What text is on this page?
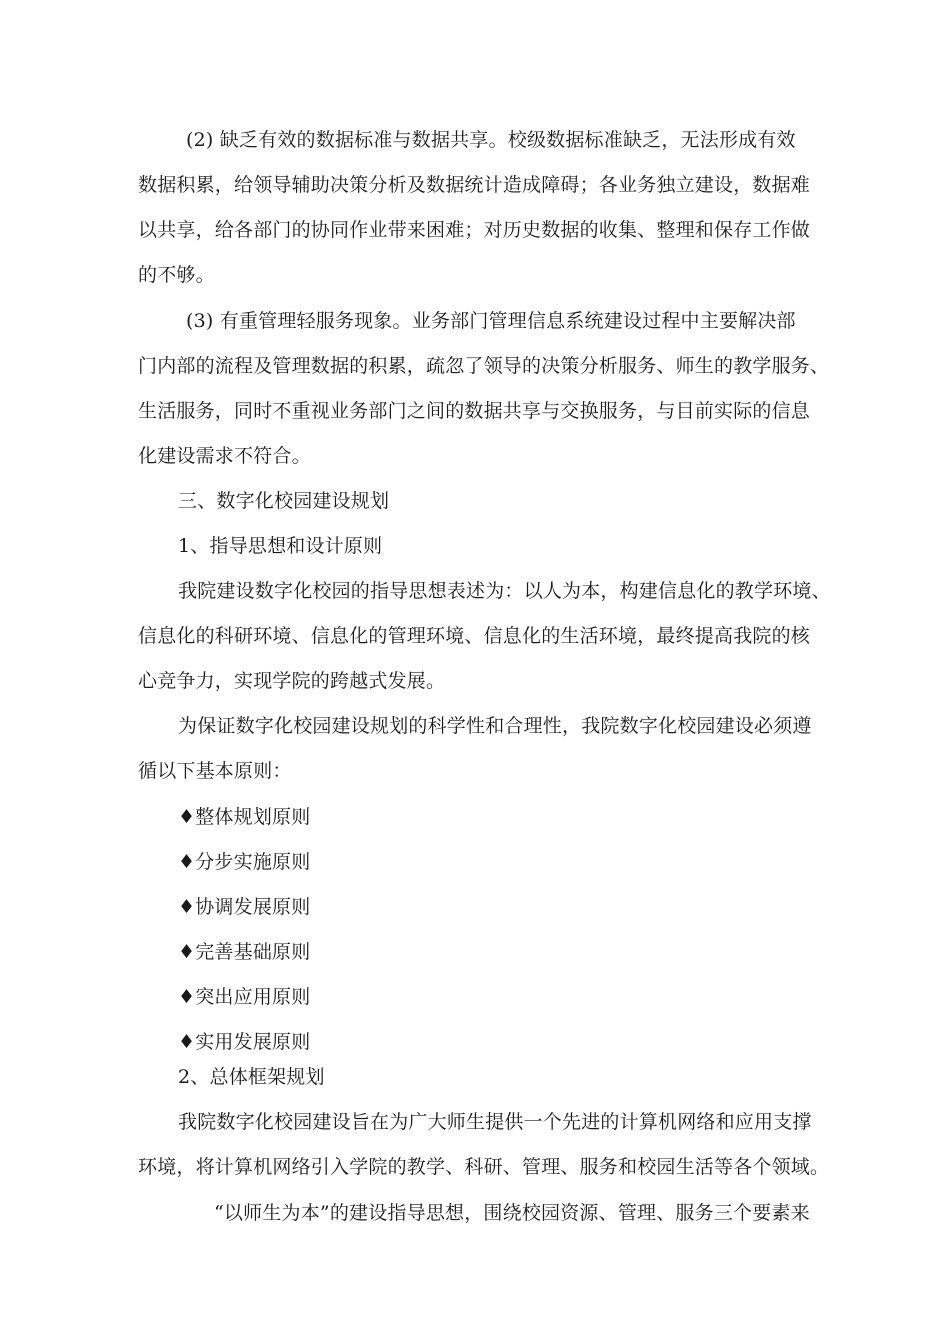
(2) 缺乏有效的数据标准与数据共享。校级数据标准缺乏，无法形成有效
数据积累，给领导辅助决策分析及数据统计造成障碍；各业务独立建设，数据难
以共享，给各部门的协同作业带来困难；对历史数据的收集、整理和保存工作做
的不够。
(3) 有重管理轻服务现象。业务部门管理信息系统建设过程中主要解决部
门内部的流程及管理数据的积累，疏忽了领导的决策分析服务、师生的教学服务、
生活服务，同时不重视业务部门之间的数据共享与交换服务，与目前实际的信息
化建设需求不符合。
三、数字化校园建设规划
1、指导思想和设计原则
我院建设数字化校园的指导思想表述为：以人为本，构建信息化的教学环境、
信息化的科研环境、信息化的管理环境、信息化的生活环境，最终提高我院的核
心竞争力，实现学院的跨越式发展。
为保证数字化校园建设规划的科学性和合理性，我院数字化校园建设必须遵
循以下基本原则：
♦整体规划原则
♦分步实施原则
♦协调发展原则
♦完善基础原则
♦突出应用原则
♦实用发展原则
2、总体框架规划
我院数字化校园建设旨在为广大师生提供一个先进的计算机网络和应用支撑
环境，将计算机网络引入学院的教学、科研、管理、服务和校园生活等各个领域。
“以师生为本”的建设指导思想，围绕校园资源、管理、服务三个要素来
